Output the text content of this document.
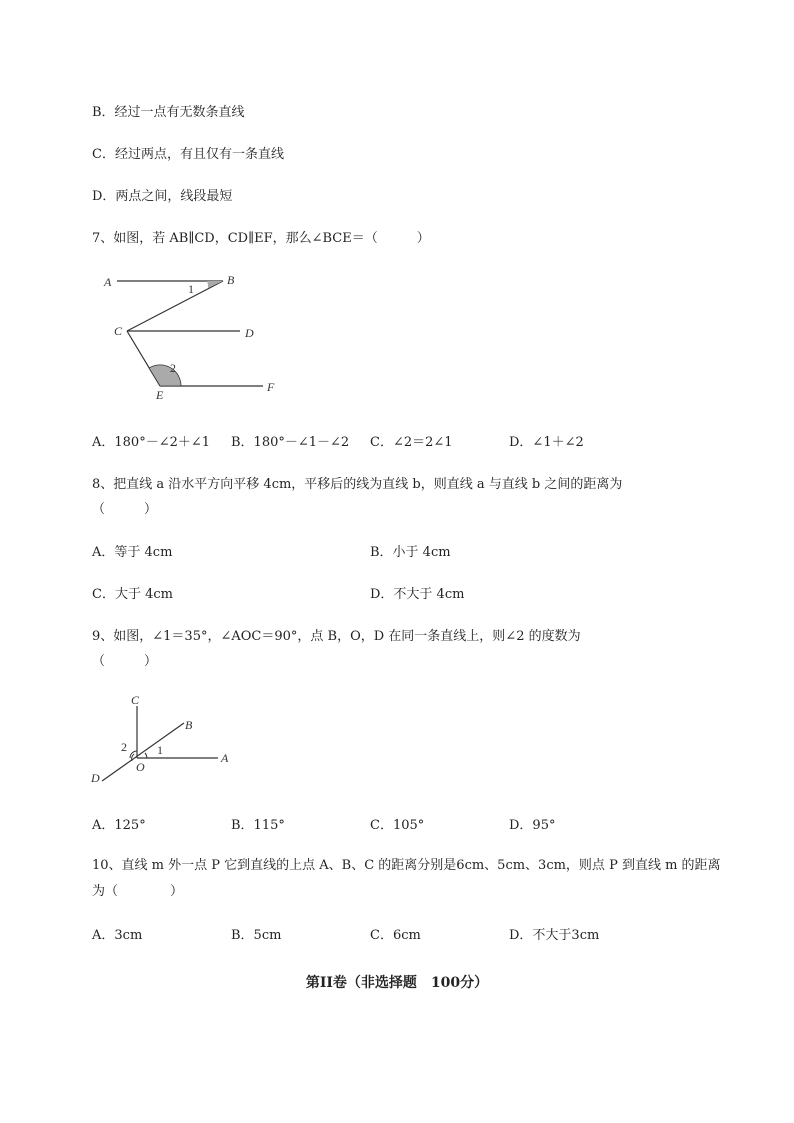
B．经过一点有无数条直线
C．经过两点，有且仅有一条直线
D．两点之间，线段最短
7、如图，若 AB∥CD，CD∥EF，那么∠BCE＝（　　　）
A	B
C	D
E
F
1
2
A．180°－∠2＋∠1 B．180°－∠1－∠2 C．∠2＝2∠1	D．∠1＋∠2
8、把直线 a 沿水平方向平移 4cm，平移后的线为直线 b，则直线 a 与直线 b 之间的距离为
（　　　）
A．等于 4cm	B．小于 4cm
C．大于 4cm	D．不大于 4cm
9、如图，∠1＝35°，∠AOC＝90°，点 B，O，D 在同一条直线上，则∠2 的度数为
（　　　）
C
B
A
D
O
1
2
A．125°	B．115°	C．105°	D．95°
10、直线 m 外一点 P 它到直线的上点 A、B、C 的距离分别是6cm、5cm、3cm，则点 P 到直线 m 的距离
为（　　　　）
A．3cm	B．5cm	C．6cm	D．不大于3cm
第II卷（非选择题　100分）
